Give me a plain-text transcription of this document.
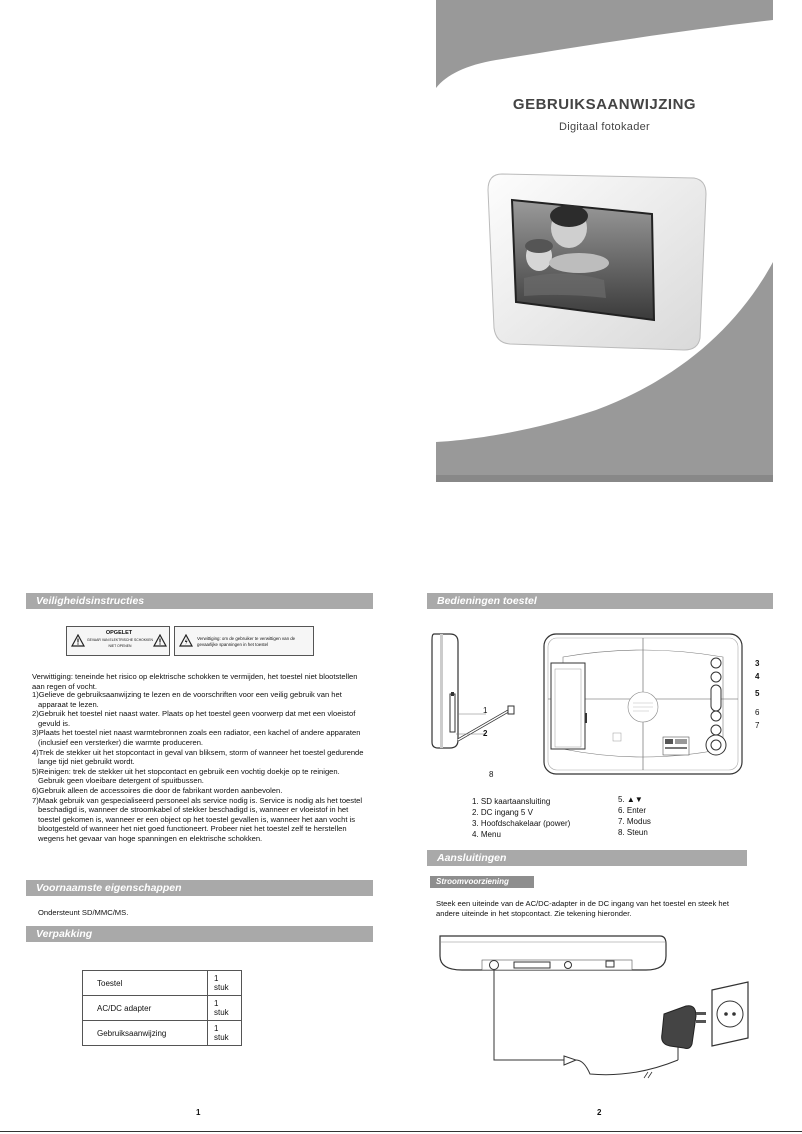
GEBRUIKSAANWIJZING
Digitaal fotokader
Veiligheidsinstructies
OPGELET
GEVAAR VAN ELEKTRISCHE SCHOKKEN
NIET OPENEN
Verwittiging: om de gebruiker te verwittigen van de gevaarlijke spanningen in het toestel
Verwittiging: teneinde het risico op elektrische schokken te vermijden, het toestel niet blootstellen aan regen of vocht.
1)Gelieve de gebruiksaanwijzing te lezen en de voorschriften voor een veilig gebruik van het apparaat te lezen.
2)Gebruik het toestel niet naast water. Plaats op het toestel geen voorwerp dat met een vloeistof gevuld is.
3)Plaats het toestel niet naast warmtebronnen zoals een radiator, een kachel of andere apparaten (inclusief een versterker) die warmte produceren.
4)Trek de stekker uit het stopcontact in geval van bliksem, storm of wanneer het toestel gedurende lange tijd niet gebruikt wordt.
5)Reinigen: trek de stekker uit het stopcontact en gebruik een vochtig doekje op te reinigen. Gebruik geen vloeibare detergent of spuitbussen.
6)Gebruik alleen de accessoires die door de fabrikant worden aanbevolen.
7)Maak gebruik van gespecialiseerd personeel als service nodig is. Service is nodig als het toestel beschadigd is, wanneer de stroomkabel of stekker beschadigd is, wanneer er vloeistof in het toestel gekomen is, wanneer er een object op het toestel gevallen is, wanneer het aan vocht is blootgesteld of wanneer het niet goed functioneert. Probeer niet het toestel zelf te herstellen wegens het gevaar van hoge spanningen en elektrische schokken.
Voornaamste eigenschappen
Ondersteunt SD/MMC/MS.
Verpakking
Toestel	1 stuk
AC/DC adapter	1 stuk
Gebruiksaanwijzing	1 stuk
1
Bedieningen toestel
1
2
8
3
4
5
6
7
1. SD kaartaansluiting
2. DC ingang 5 V
3. Hoofdschakelaar (power)
4. Menu
5. ▲▼
6. Enter
7. Modus
8. Steun
Aansluitingen
Stroomvoorziening
Steek een uiteinde van de AC/DC-adapter in de DC ingang van het toestel en steek het andere uiteinde in het stopcontact. Zie tekening hieronder.
2
